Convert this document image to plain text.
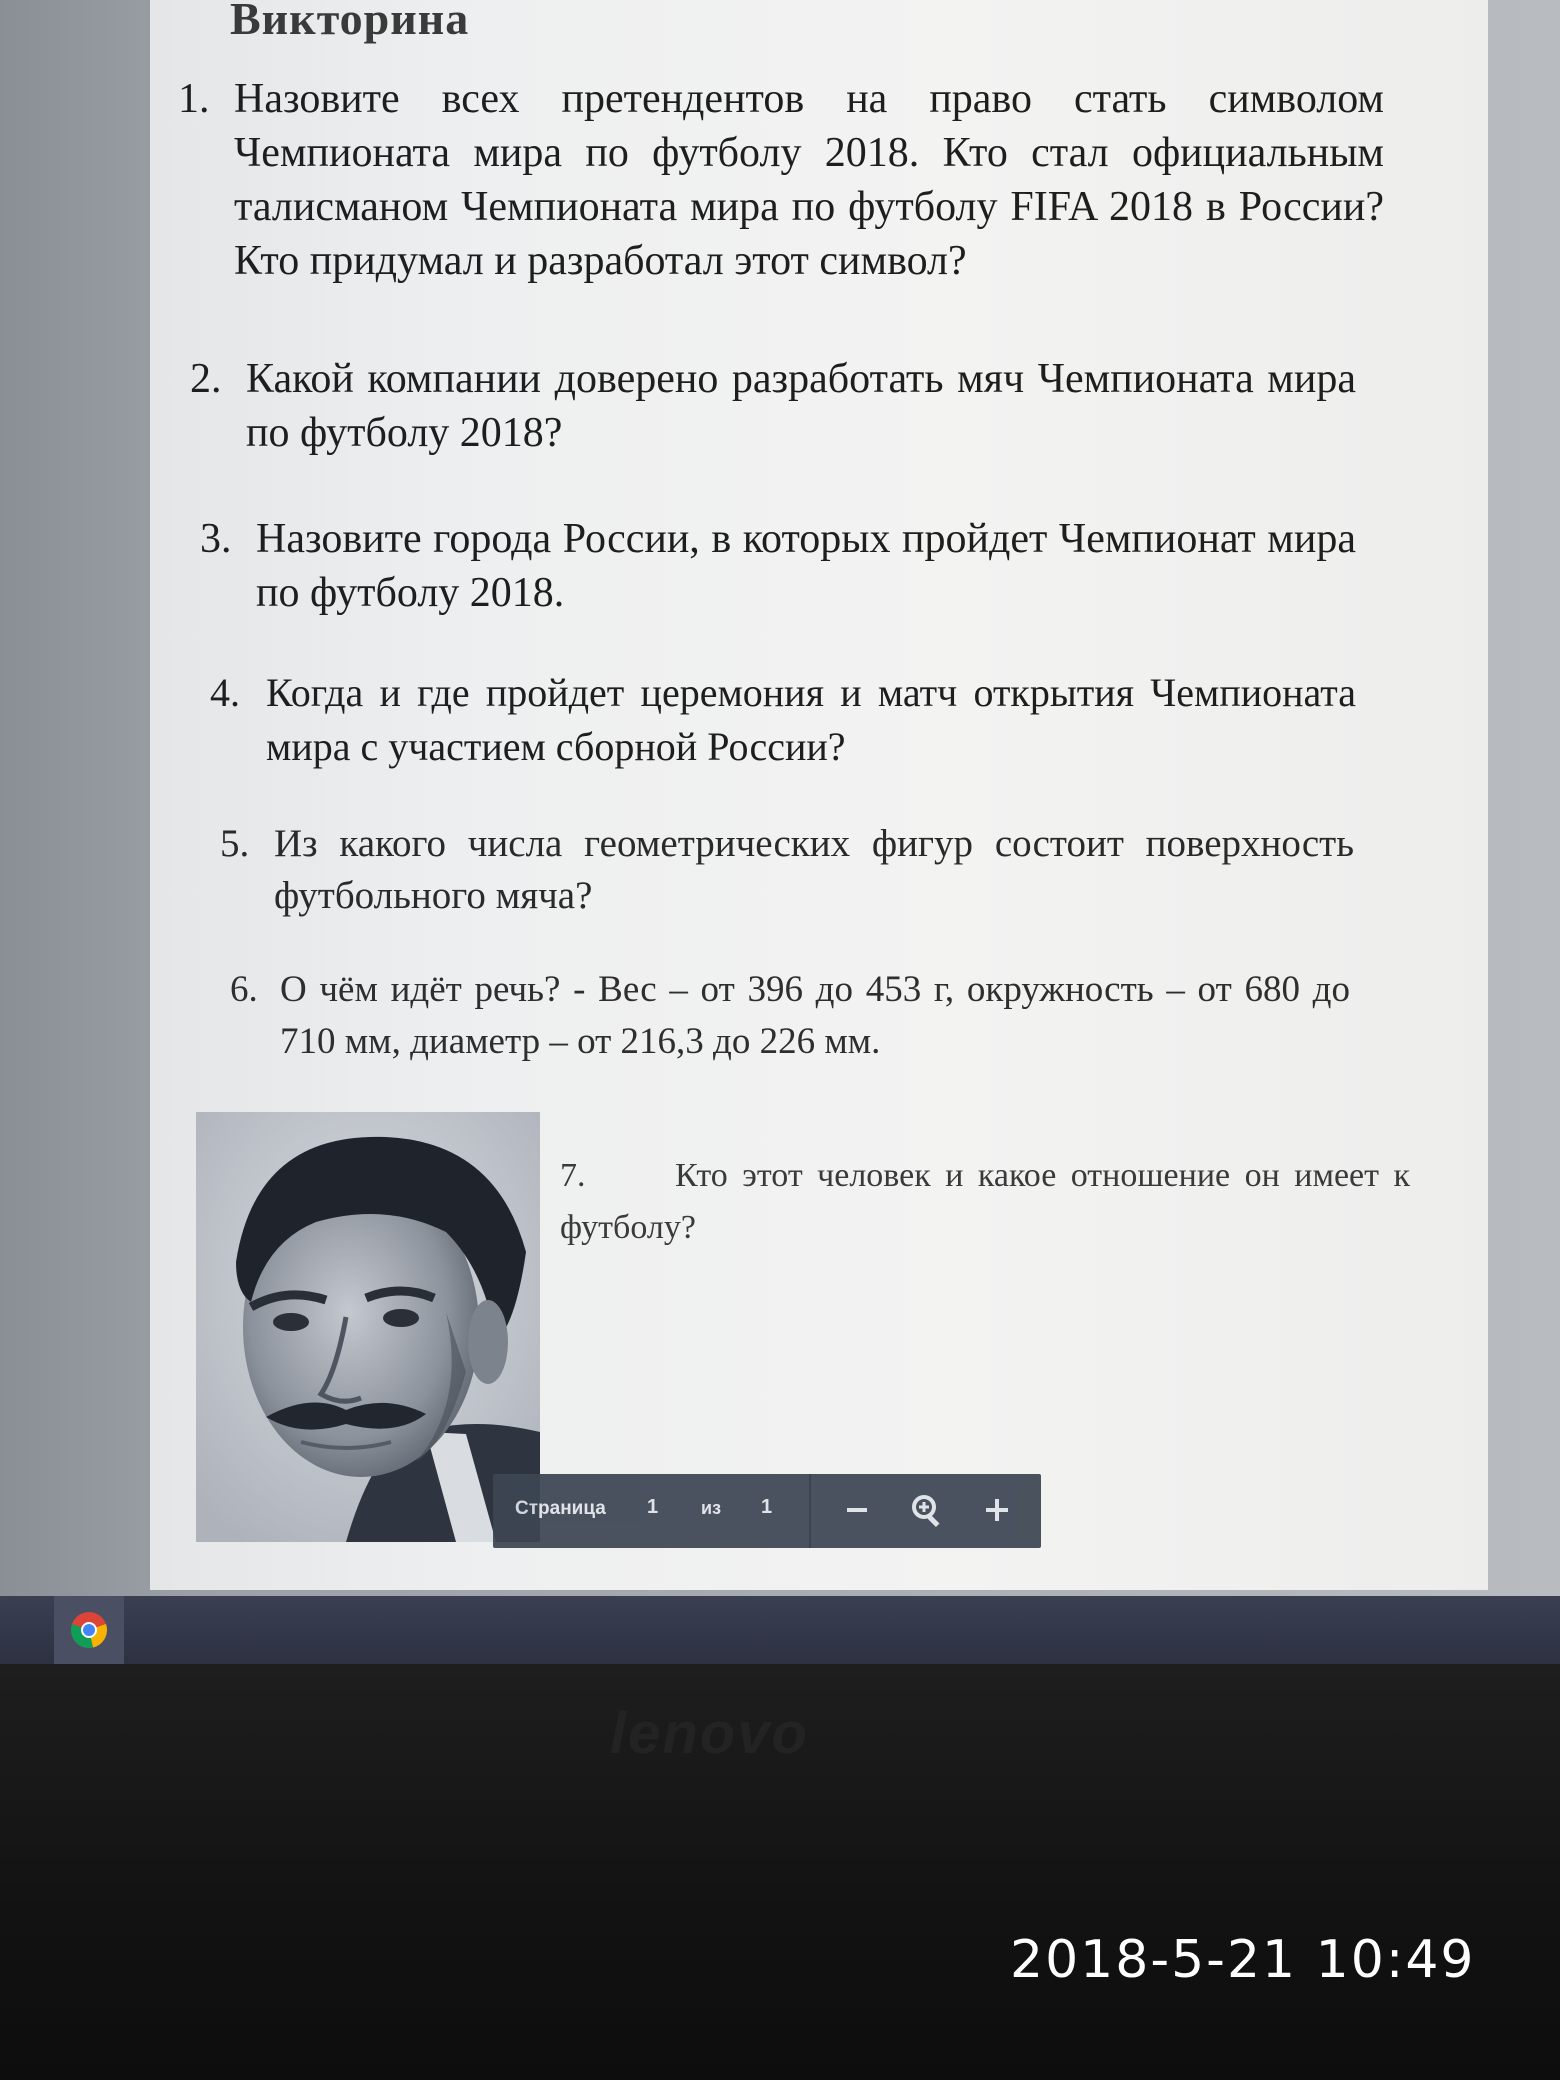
Викторина
1. Назовите всех претендентов на право стать символом Чемпионата мира по футболу 2018. Кто стал официальным талисманом Чемпионата мира по футболу FIFA 2018 в России? Кто придумал и разработал этот символ?
2. Какой компании доверено разработать мяч Чемпионата мира по футболу 2018?
3. Назовите города России, в которых пройдет Чемпионат мира по футболу 2018.
4. Когда и где пройдет церемония и матч открытия Чемпионата мира с участием сборной России?
5. Из какого числа геометрических фигур состоит поверхность футбольного мяча?
6. О чём идёт речь? - Вес – от 396 до 453 г, окружность – от 680 до 710 мм, диаметр – от 216,3 до 226 мм.
7.	Кто этот человек и какое отношение он имеет к футболу?
Страница 1 из 1
lenovo
2018-5-21 10:49
